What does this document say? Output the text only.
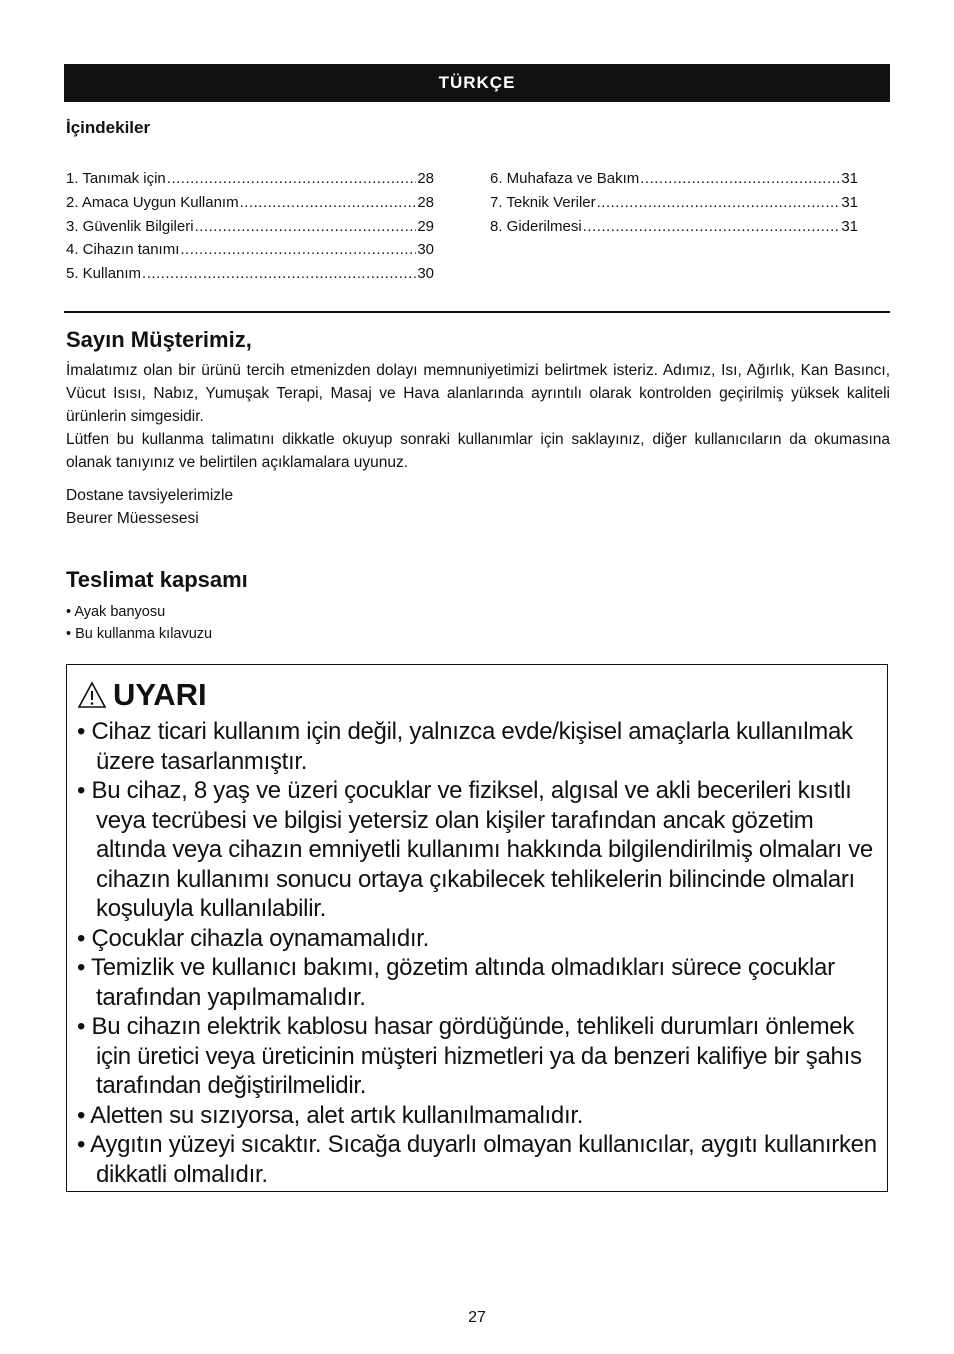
TÜRKÇE
İçindekiler
1. Tanımak için .....	28
2. Amaca Uygun Kullanım .....	28
3. Güvenlik Bilgileri .....	29
4. Cihazın tanımı .....	30
5. Kullanım .....	30
6. Muhafaza ve Bakım .....	31
7. Teknik Veriler .....	31
8. Giderilmesi .....	31
Sayın Müşterimiz,

İmalatımız olan bir ürünü tercih etmenizden dolayı memnuniyetimizi belirtmek isteriz. Adımız, Isı, Ağırlık, Kan Basıncı, Vücut Isısı, Nabız, Yumuşak Terapi, Masaj ve Hava alanlarında ayrıntılı olarak kontrolden geçirilmiş yüksek kaliteli ürünlerin simgesidir.

Lütfen bu kullanma talimatını dikkatle okuyup sonraki kullanımlar için saklayınız, diğer kullanıcıların da okumasına olanak tanıyınız ve belirtilen açıklamalara uyunuz.

Dostane tavsiyelerimizle
Beurer Müessesesi
Teslimat kapsamı
• Ayak banyosu
• Bu kullanma kılavuzu
UYARI
• Cihaz ticari kullanım için değil, yalnızca evde/kişisel amaçlarla kullanılmak üzere tasarlanmıştır.
• Bu cihaz, 8 yaş ve üzeri çocuklar ve fiziksel, algısal ve akli becerileri kısıtlı veya tecrübesi ve bilgisi yetersiz olan kişiler tarafından ancak gözetim altında veya cihazın emniyetli kullanımı hakkında bilgilendirilmiş olmaları ve cihazın kullanımı sonucu ortaya çıkabilecek tehlikelerin bilincinde olmaları koşuluyla kullanılabilir.
• Çocuklar cihazla oynamamalıdır.
• Temizlik ve kullanıcı bakımı, gözetim altında olmadıkları sürece çocuklar tarafından yapılmamalıdır.
• Bu cihazın elektrik kablosu hasar gördüğünde, tehlikeli durumları önlemek için üretici veya üreticinin müşteri hizmetleri ya da benzeri kalifiye bir şahıs tarafından değiştirilmelidir.
• Aletten su sızıyorsa, alet artık kullanılmamalıdır.
• Aygıtın yüzeyi sıcaktır. Sıcağa duyarlı olmayan kullanıcılar, aygıtı kullanırken dikkatli olmalıdır.
27
